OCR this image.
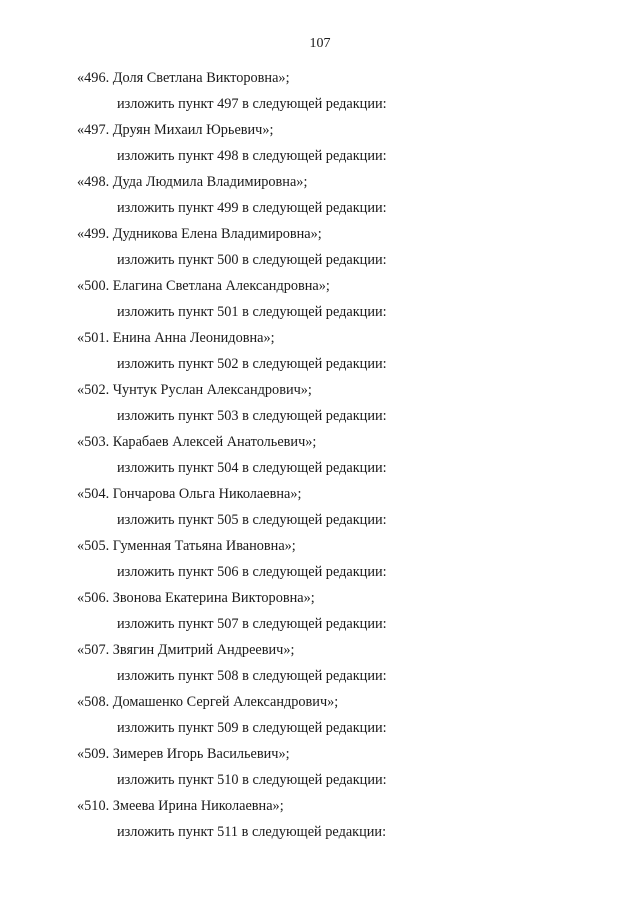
107
«496. Доля Светлана Викторовна»;
изложить пункт 497 в следующей редакции:
«497. Друян Михаил Юрьевич»;
изложить пункт 498 в следующей редакции:
«498. Дуда Людмила Владимировна»;
изложить пункт 499 в следующей редакции:
«499. Дудникова Елена Владимировна»;
изложить пункт 500 в следующей редакции:
«500. Елагина Светлана Александровна»;
изложить пункт 501 в следующей редакции:
«501. Енина Анна Леонидовна»;
изложить пункт 502 в следующей редакции:
«502. Чунтук Руслан Александрович»;
изложить пункт 503 в следующей редакции:
«503. Карабаев Алексей Анатольевич»;
изложить пункт 504 в следующей редакции:
«504. Гончарова Ольга Николаевна»;
изложить пункт 505 в следующей редакции:
«505. Гуменная Татьяна Ивановна»;
изложить пункт 506 в следующей редакции:
«506. Звонова Екатерина Викторовна»;
изложить пункт 507 в следующей редакции:
«507. Звягин Дмитрий Андреевич»;
изложить пункт 508 в следующей редакции:
«508. Домашенко Сергей Александрович»;
изложить пункт 509 в следующей редакции:
«509. Зимерев Игорь Васильевич»;
изложить пункт 510 в следующей редакции:
«510. Змеева Ирина Николаевна»;
изложить пункт 511 в следующей редакции:
